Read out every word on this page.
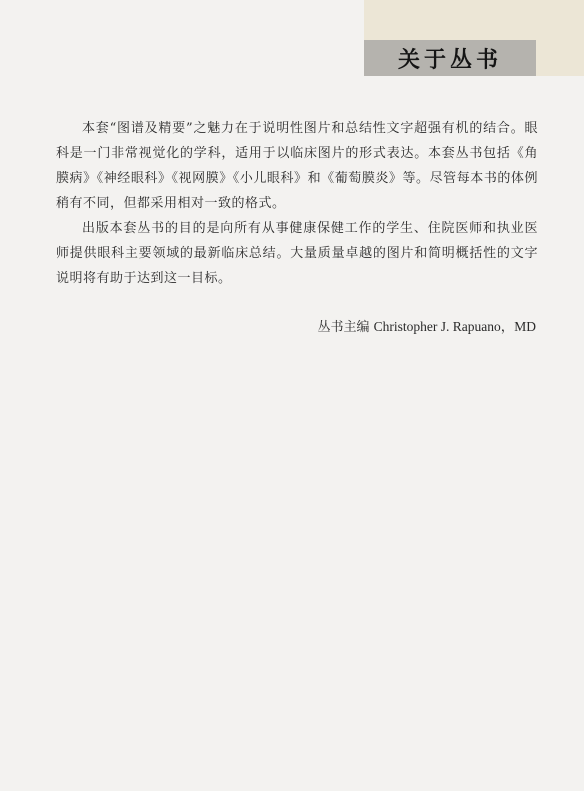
关于丛书

本套“图谱及精要”之魅力在于说明性图片和总结性文字超强有机的结合。眼科是一门非常视觉化的学科，适用于以临床图片的形式表达。本套丛书包括《角膜病》《神经眼科》《视网膜》《小儿眼科》和《葡萄膜炎》等。尽管每本书的体例稍有不同，但都采用相对一致的格式。

出版本套丛书的目的是向所有从事健康保健工作的学生、住院医师和执业医师提供眼科主要领域的最新临床总结。大量质量卓越的图片和简明概括性的文字说明将有助于达到这一目标。

丛书主编 Christopher J. Rapuano，MD
